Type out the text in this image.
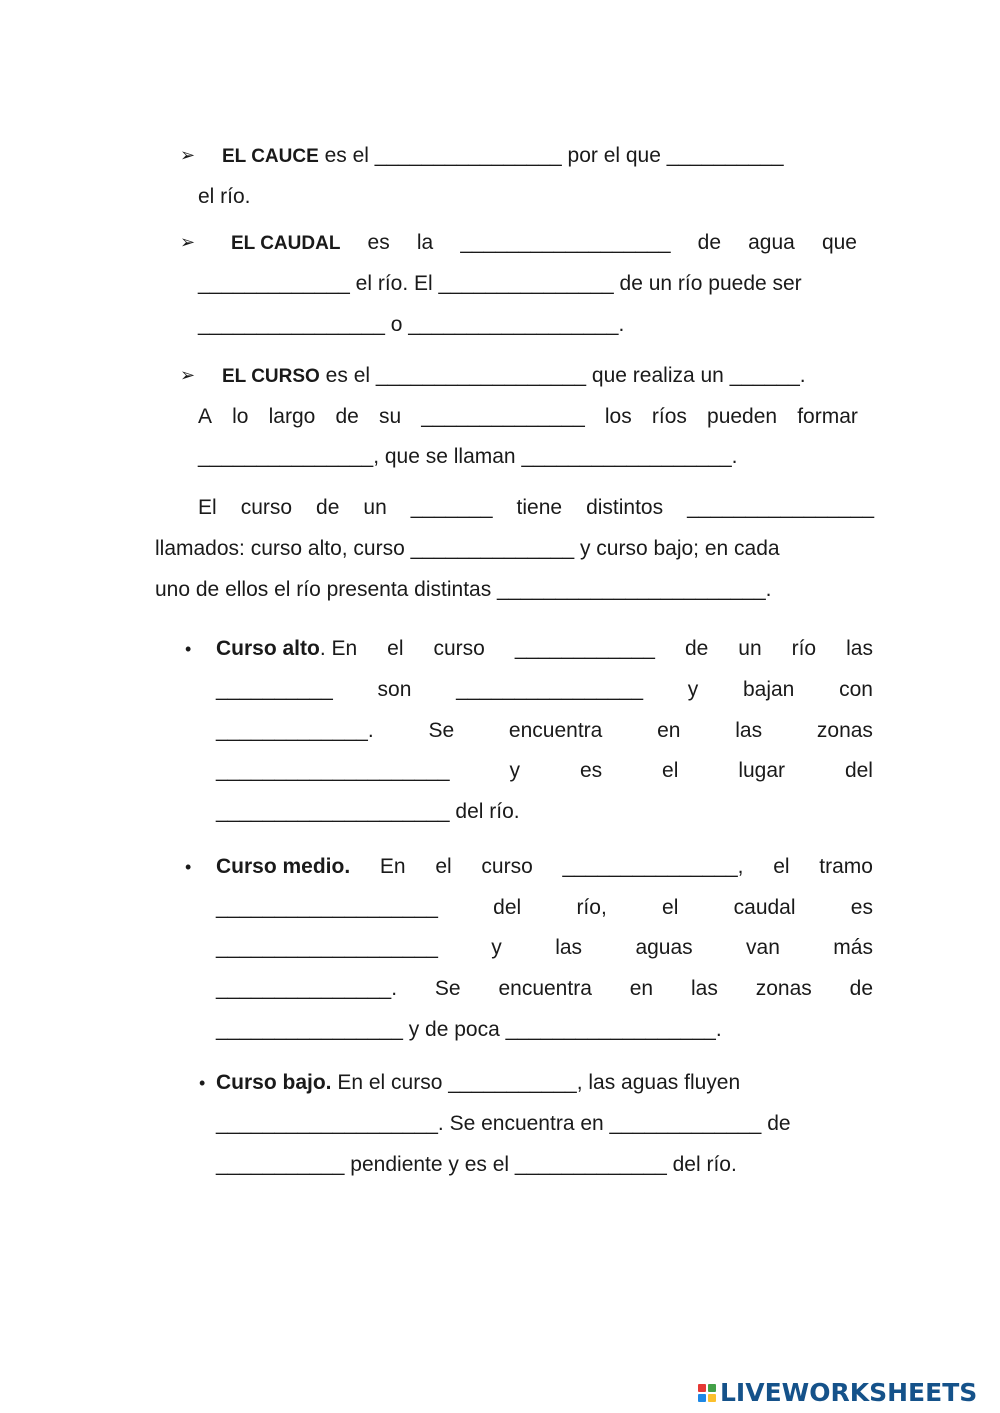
➢ EL CAUCE es el ________________ por el que __________
el río.
➢ EL CAUDAL es la __________________ de agua que
_____________ el río. El _______________ de un río puede ser
________________ o __________________.
➢ EL CURSO es el __________________ que realiza un ______.
A lo largo de su ______________ los ríos pueden formar
_______________, que se llaman __________________.
El curso de un _______ tiene distintos ________________
llamados: curso alto, curso ______________ y curso bajo; en cada
uno de ellos el río presenta distintas _______________________.
• Curso alto. En el curso ____________ de un río las
__________ son ________________ y bajan con
_____________.	Se	encuentra	en	las	zonas
____________________	y	es	el	lugar	del
____________________ del río.
• Curso medio. En el curso _______________, el tramo
___________________	del	río,	el	caudal	es
___________________	y	las	aguas	van	más
_______________. Se encuentra en las zonas de
________________ y de poca __________________.
• Curso bajo. En el curso ___________, las aguas fluyen
___________________. Se encuentra en _____________ de
___________ pendiente y es el _____________ del río.
LIVEWORKSHEETS
